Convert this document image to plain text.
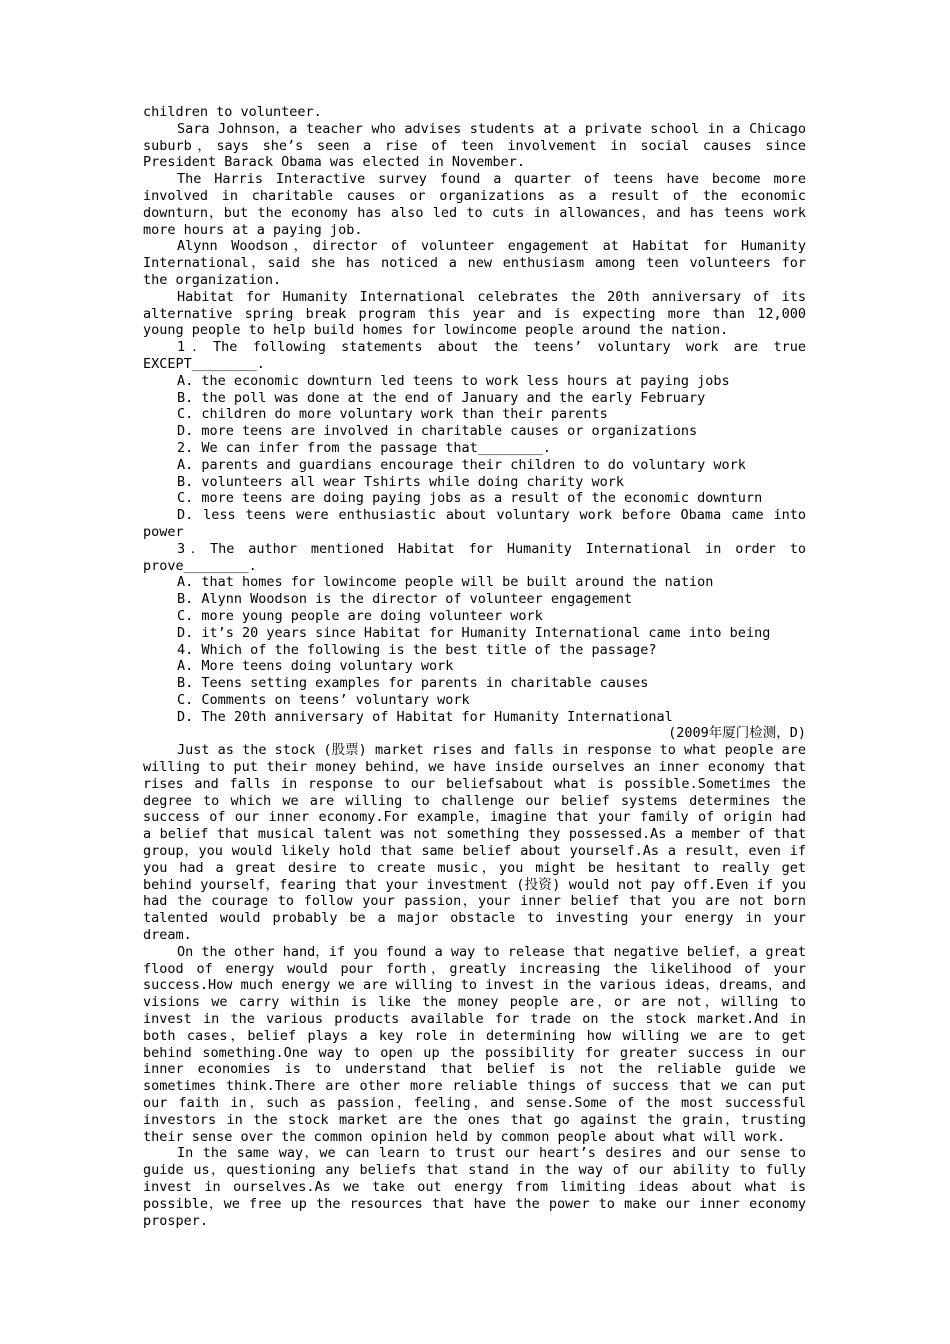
children to volunteer.

Sara Johnson，a teacher who advises students at a private school in a Chicago suburb，says she’s seen a rise of teen involvement in social causes since President Barack Obama was elected in November.

The Harris Interactive survey found a quarter of teens have become more involved in charitable causes or organizations as a result of the economic downturn，but the economy has also led to cuts in allowances，and has teens work more hours at a paying job.

Alynn Woodson，director of volunteer engagement at Habitat for Humanity International，said she has noticed a new enthusiasm among teen volunteers for the organization.

Habitat for Humanity International celebrates the 20th anniversary of its alternative spring break program this year and is expecting more than 12,000 young people to help build homes for lowincome people around the nation.

1．The following statements about the teens’ voluntary work are true EXCEPT________.

A. the economic downturn led teens to work less hours at paying jobs

B. the poll was done at the end of January and the early February

C. children do more voluntary work than their parents

D. more teens are involved in charitable causes or organizations

2. We can infer from the passage that________.

A. parents and guardians encourage their children to do voluntary work

B. volunteers all wear Tshirts while doing charity work

C. more teens are doing paying jobs as a result of the economic downturn

D. less teens were enthusiastic about voluntary work before Obama came into power

3．The author mentioned Habitat for Humanity International in order to prove________.

A. that homes for lowincome people will be built around the nation

B. Alynn Woodson is the director of volunteer engagement

C. more young people are doing volunteer work

D. it’s 20 years since Habitat for Humanity International came into being

4. Which of the following is the best title of the passage?

A. More teens doing voluntary work

B. Teens setting examples for parents in charitable causes

C. Comments on teens’ voluntary work

D. The 20th anniversary of Habitat for Humanity International

(2009年厦门检测，D)

Just as the stock (股票) market rises and falls in response to what people are willing to put their money behind，we have inside ourselves an inner economy that rises and falls in response to our beliefsabout what is possible.Sometimes the degree to which we are willing to challenge our belief systems determines the success of our inner economy.For example，imagine that your family of origin had a belief that musical talent was not something they possessed.As a member of that group，you would likely hold that same belief about yourself.As a result，even if you had a great desire to create music，you might be hesitant to really get behind yourself，fearing that your investment (投资) would not pay off.Even if you had the courage to follow your passion，your inner belief that you are not born talented would probably be a major obstacle to investing your energy in your dream.

On the other hand，if you found a way to release that negative belief，a great flood of energy would pour forth，greatly increasing the likelihood of your success.How much energy we are willing to invest in the various ideas，dreams，and visions we carry within is like the money people are，or are not，willing to invest in the various products available for trade on the stock market.And in both cases，belief plays a key role in determining how willing we are to get behind something.One way to open up the possibility for greater success in our inner economies is to understand that belief is not the reliable guide we sometimes think.There are other more reliable things of success that we can put our faith in，such as passion，feeling，and sense.Some of the most successful investors in the stock market are the ones that go against the grain，trusting their sense over the common opinion held by common people about what will work.

In the same way，we can learn to trust our heart’s desires and our sense to guide us，questioning any beliefs that stand in the way of our ability to fully invest in ourselves.As we take out energy from limiting ideas about what is possible，we free up the resources that have the power to make our inner economy prosper.
